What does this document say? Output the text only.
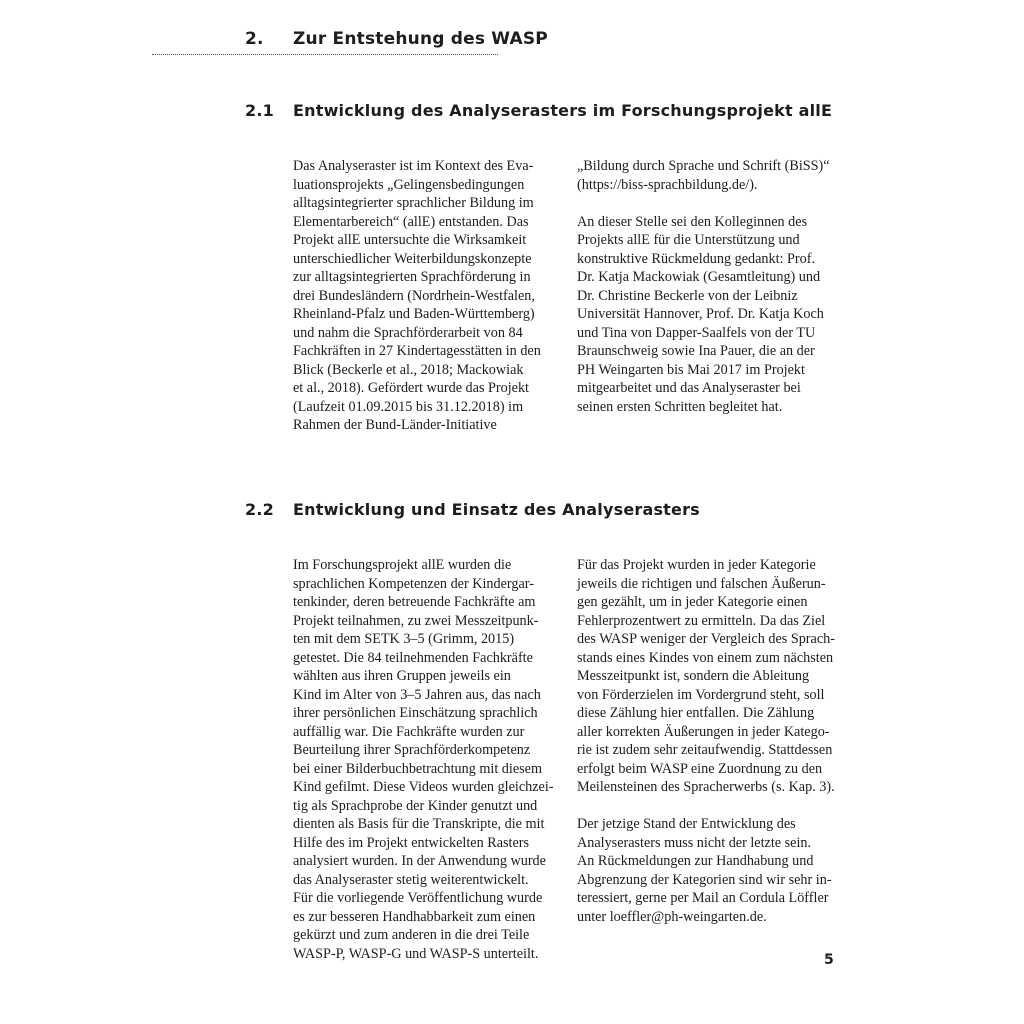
2. Zur Entstehung des WASP
2.1 Entwicklung des Analyserasters im Forschungsprojekt allE

Das Analyseraster ist im Kontext des Eva-
luationsprojekts „Gelingensbedingungen
alltagsintegrierter sprachlicher Bildung im
Elementarbereich“ (allE) entstanden. Das
Projekt allE untersuchte die Wirksamkeit
unterschiedlicher Weiterbildungskonzepte
zur alltagsintegrierten Sprachförderung in
drei Bundesländern (Nordrhein-Westfalen,
Rheinland-Pfalz und Baden-Württemberg)
und nahm die Sprachförderarbeit von 84
Fachkräften in 27 Kindertagesstätten in den
Blick (Beckerle et al., 2018; Mackowiak
et al., 2018). Gefördert wurde das Projekt
(Laufzeit 01.09.2015 bis 31.12.2018) im
Rahmen der Bund-Länder-Initiative

„Bildung durch Sprache und Schrift (BiSS)“
(https://biss-sprachbildung.de/).

An dieser Stelle sei den Kolleginnen des
Projekts allE für die Unterstützung und
konstruktive Rückmeldung gedankt: Prof.
Dr. Katja Mackowiak (Gesamtleitung) und
Dr. Christine Beckerle von der Leibniz
Universität Hannover, Prof. Dr. Katja Koch
und Tina von Dapper-Saalfels von der TU
Braunschweig sowie Ina Pauer, die an der
PH Weingarten bis Mai 2017 im Projekt
mitgearbeitet und das Analyseraster bei
seinen ersten Schritten begleitet hat.

2.2 Entwicklung und Einsatz des Analyserasters

Im Forschungsprojekt allE wurden die
sprachlichen Kompetenzen der Kindergar-
tenkinder, deren betreuende Fachkräfte am
Projekt teilnahmen, zu zwei Messzeitpunk-
ten mit dem SETK 3–5 (Grimm, 2015)
getestet. Die 84 teilnehmenden Fachkräfte
wählten aus ihren Gruppen jeweils ein
Kind im Alter von 3–5 Jahren aus, das nach
ihrer persönlichen Einschätzung sprachlich
auffällig war. Die Fachkräfte wurden zur
Beurteilung ihrer Sprachförderkompetenz
bei einer Bilderbuchbetrachtung mit diesem
Kind gefilmt. Diese Videos wurden gleichzei-
tig als Sprachprobe der Kinder genutzt und
dienten als Basis für die Transkripte, die mit
Hilfe des im Projekt entwickelten Rasters
analysiert wurden. In der Anwendung wurde
das Analyseraster stetig weiterentwickelt.
Für die vorliegende Veröffentlichung wurde
es zur besseren Handhabbarkeit zum einen
gekürzt und zum anderen in die drei Teile
WASP-P, WASP-G und WASP-S unterteilt.

Für das Projekt wurden in jeder Kategorie
jeweils die richtigen und falschen Äußerun-
gen gezählt, um in jeder Kategorie einen
Fehlerprozentwert zu ermitteln. Da das Ziel
des WASP weniger der Vergleich des Sprach-
stands eines Kindes von einem zum nächsten
Messzeitpunkt ist, sondern die Ableitung
von Förderzielen im Vordergrund steht, soll
diese Zählung hier entfallen. Die Zählung
aller korrekten Äußerungen in jeder Katego-
rie ist zudem sehr zeitaufwendig. Stattdessen
erfolgt beim WASP eine Zuordnung zu den
Meilensteinen des Spracherwerbs (s. Kap. 3).

Der jetzige Stand der Entwicklung des
Analyserasters muss nicht der letzte sein.
An Rückmeldungen zur Handhabung und
Abgrenzung der Kategorien sind wir sehr in-
teressiert, gerne per Mail an Cordula Löffler
unter loeffler@ph-weingarten.de.

5
